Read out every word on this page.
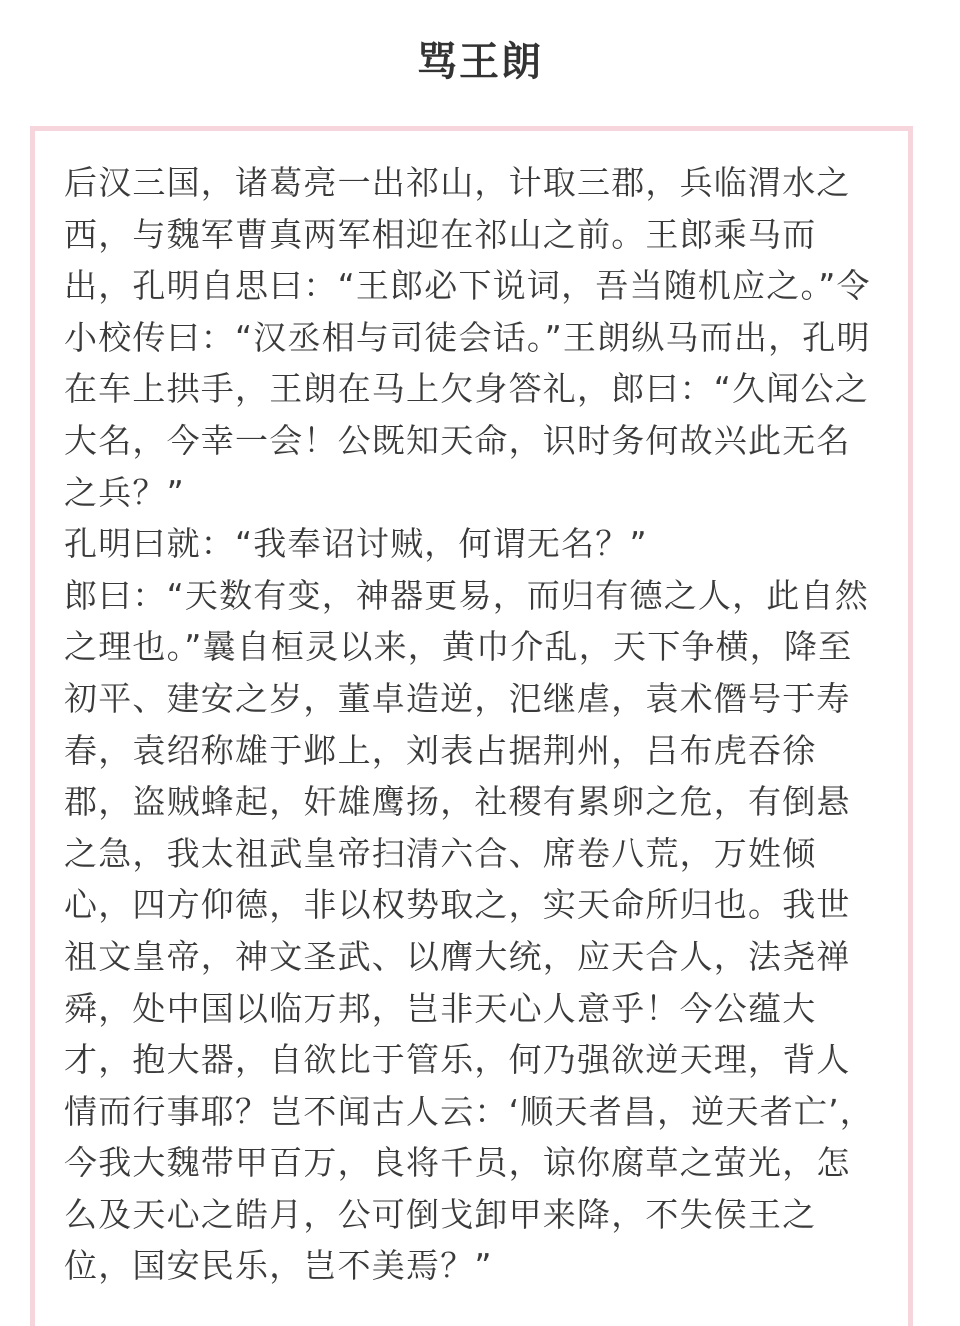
骂王朗

后汉三国，诸葛亮一出祁山，计取三郡，兵临渭水之西，与魏军曹真两军相迎在祁山之前。王郎乘马而出，孔明自思曰：“王郎必下说词，吾当随机应之。”令小校传曰：“汉丞相与司徒会话。”王朗纵马而出，孔明在车上拱手，王朗在马上欠身答礼，郎曰：“久闻公之大名，今幸一会！公既知天命，识时务何故兴此无名之兵？”

孔明曰就：“我奉诏讨贼，何谓无名？”

郎曰：“天数有变，神器更易，而归有德之人，此自然之理也。”曩自桓灵以来，黄巾介乱，天下争横，降至初平、建安之岁，董卓造逆，汜继虐，袁术僭号于寿春，袁绍称雄于邺上，刘表占据荆州，吕布虎吞徐郡，盗贼蜂起，奸雄鹰扬，社稷有累卵之危，有倒悬之急，我太祖武皇帝扫清六合、席卷八荒，万姓倾心，四方仰德，非以权势取之，实天命所归也。我世祖文皇帝，神文圣武、以膺大统，应天合人，法尧禅舜，处中国以临万邦，岂非天心人意乎！今公蕴大才，抱大器，自欲比于管乐，何乃强欲逆天理，背人情而行事耶？岂不闻古人云：‘顺天者昌，逆天者亡’，今我大魏带甲百万，良将千员，谅你腐草之萤光，怎么及天心之皓月，公可倒戈卸甲来降，不失侯王之位，国安民乐，岂不美焉？”
